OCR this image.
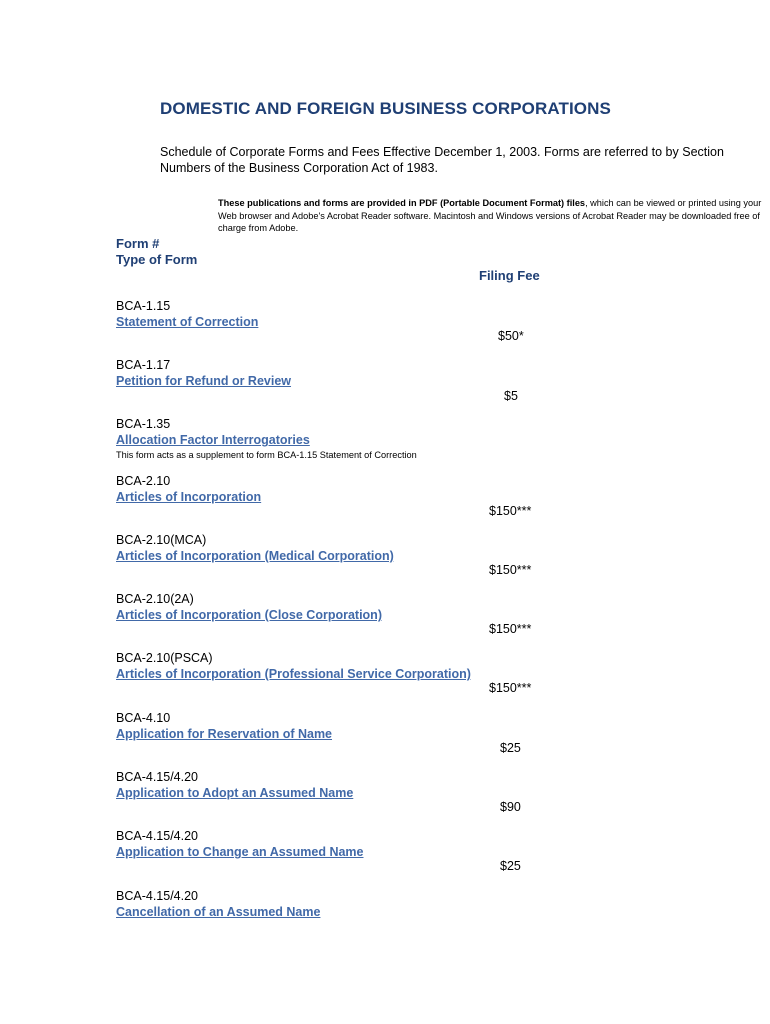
DOMESTIC AND FOREIGN BUSINESS CORPORATIONS
Schedule of Corporate Forms and Fees Effective December 1, 2003. Forms are referred to by Section Numbers of the Business Corporation Act of 1983.
These publications and forms are provided in PDF (Portable Document Format) files, which can be viewed or printed using your Web browser and Adobe's Acrobat Reader software. Macintosh and Windows versions of Acrobat Reader may be downloaded free of charge from Adobe.
Form #
Type of Form
Filing Fee
BCA-1.15
Statement of Correction
$50*
BCA-1.17
Petition for Refund or Review
$5
BCA-1.35
Allocation Factor Interrogatories
This form acts as a supplement to form BCA-1.15 Statement of Correction
BCA-2.10
Articles of Incorporation
$150***
BCA-2.10(MCA)
Articles of Incorporation (Medical Corporation)
$150***
BCA-2.10(2A)
Articles of Incorporation (Close Corporation)
$150***
BCA-2.10(PSCA)
Articles of Incorporation (Professional Service Corporation)
$150***
BCA-4.10
Application for Reservation of Name
$25
BCA-4.15/4.20
Application to Adopt an Assumed Name
$90
BCA-4.15/4.20
Application to Change an Assumed Name
$25
BCA-4.15/4.20
Cancellation of an Assumed Name
